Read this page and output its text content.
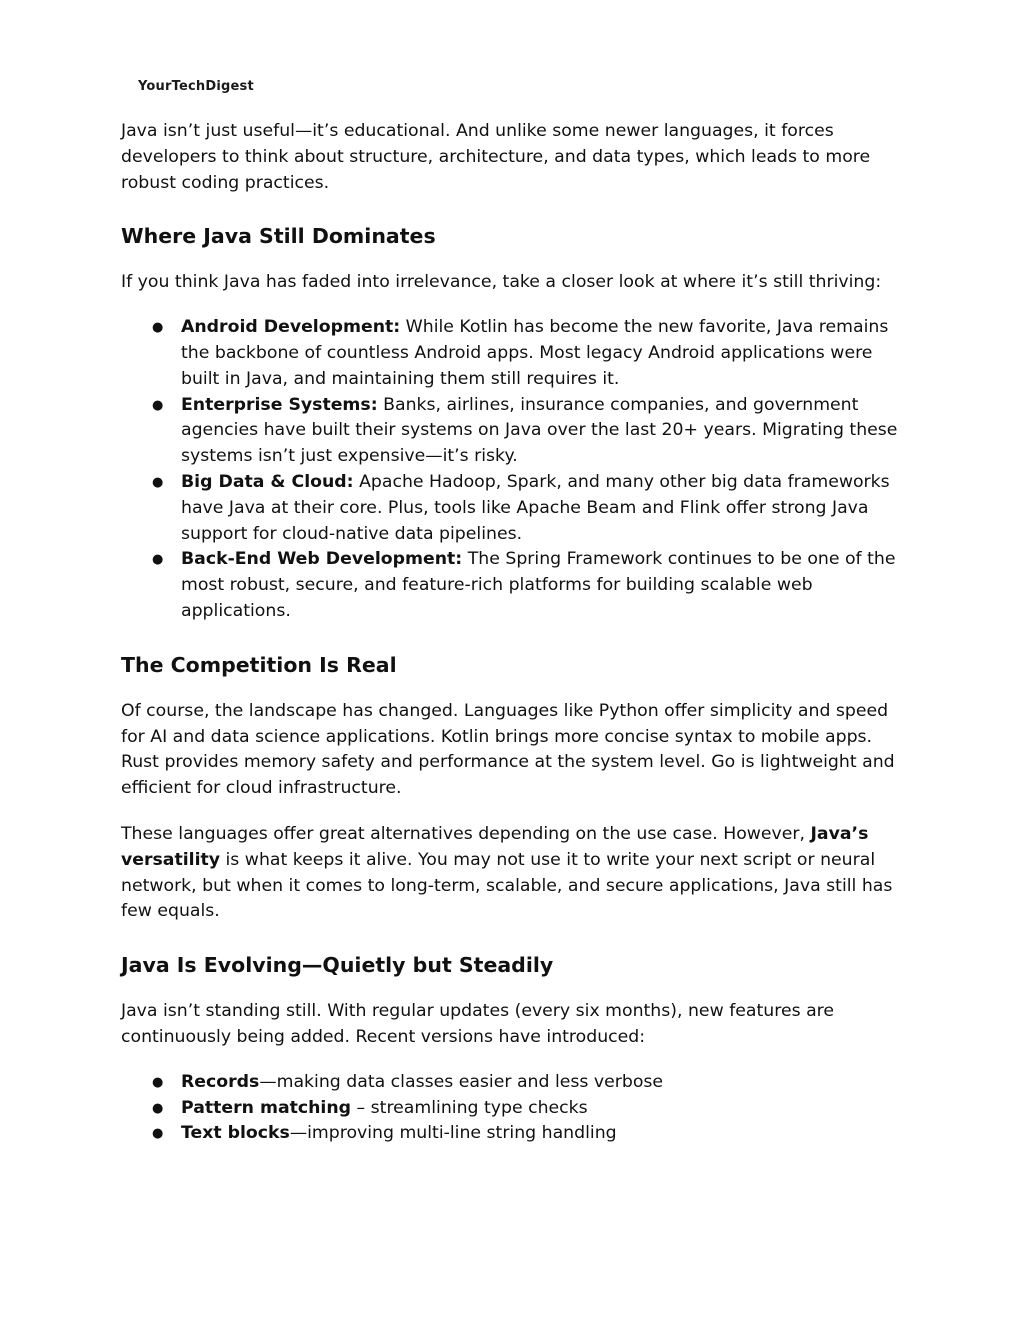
YourTechDigest

Java isn’t just useful—it’s educational. And unlike some newer languages, it forces developers to think about structure, architecture, and data types, which leads to more robust coding practices.

Where Java Still Dominates

If you think Java has faded into irrelevance, take a closer look at where it’s still thriving:

● Android Development: While Kotlin has become the new favorite, Java remains the backbone of countless Android apps. Most legacy Android applications were built in Java, and maintaining them still requires it.
● Enterprise Systems: Banks, airlines, insurance companies, and government agencies have built their systems on Java over the last 20+ years. Migrating these systems isn’t just expensive—it’s risky.
● Big Data & Cloud: Apache Hadoop, Spark, and many other big data frameworks have Java at their core. Plus, tools like Apache Beam and Flink offer strong Java support for cloud-native data pipelines.
● Back-End Web Development: The Spring Framework continues to be one of the most robust, secure, and feature-rich platforms for building scalable web applications.
The Competition Is Real

Of course, the landscape has changed. Languages like Python offer simplicity and speed for AI and data science applications. Kotlin brings more concise syntax to mobile apps. Rust provides memory safety and performance at the system level. Go is lightweight and efficient for cloud infrastructure.

These languages offer great alternatives depending on the use case. However, Java’s versatility is what keeps it alive. You may not use it to write your next script or neural network, but when it comes to long-term, scalable, and secure applications, Java still has few equals.

Java Is Evolving—Quietly but Steadily

Java isn’t standing still. With regular updates (every six months), new features are continuously being added. Recent versions have introduced:

● Records—making data classes easier and less verbose
● Pattern matching – streamlining type checks
● Text blocks—improving multi-line string handling
